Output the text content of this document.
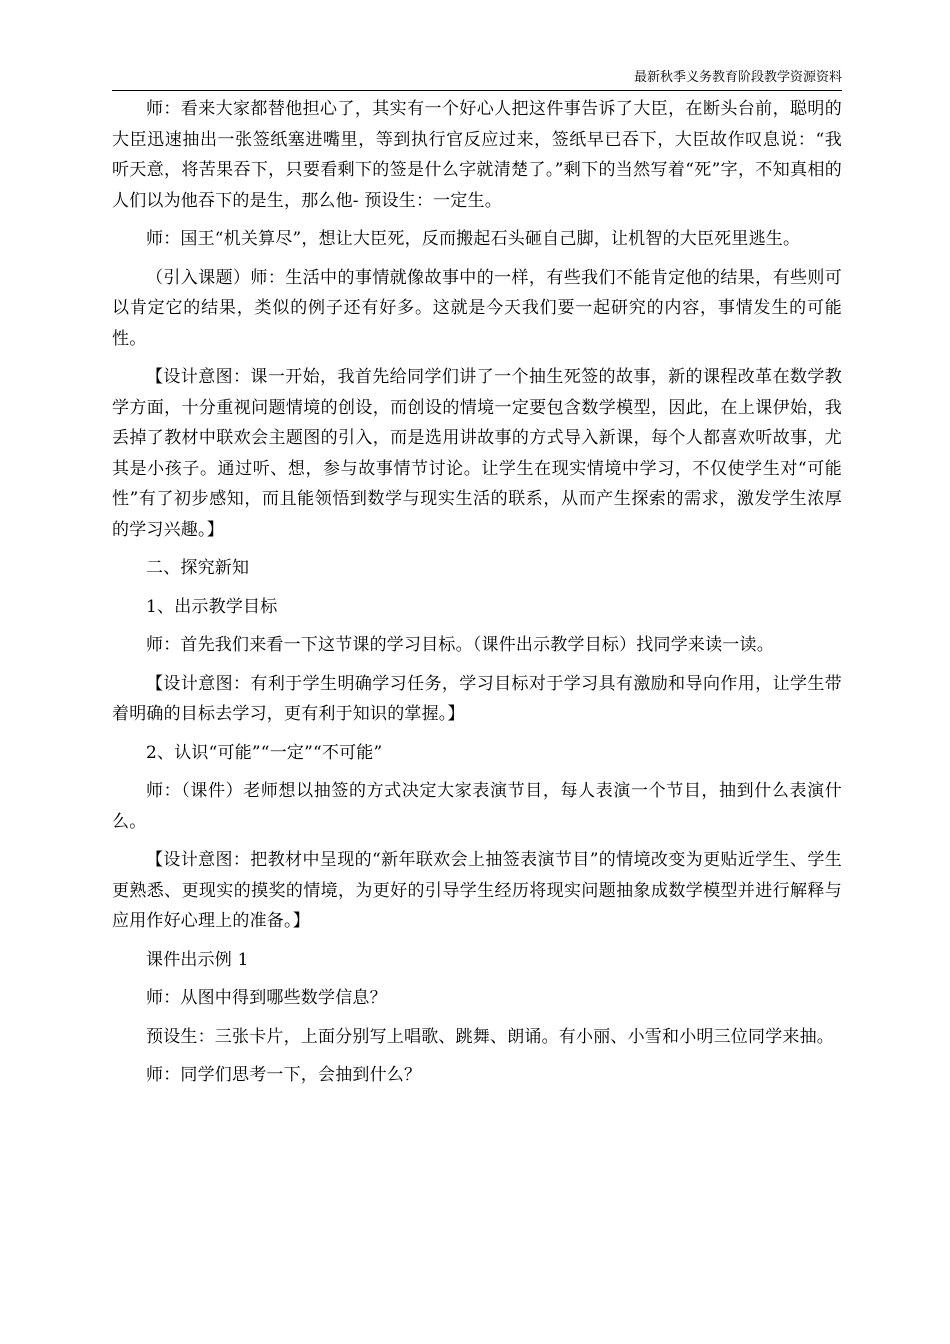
最新秋季义务教育阶段教学资源资料

师：看来大家都替他担心了，其实有一个好心人把这件事告诉了大臣，在断头台前，聪明的大臣迅速抽出一张签纸塞进嘴里，等到执行官反应过来，签纸早已吞下，大臣故作叹息说：“我听天意，将苦果吞下，只要看剩下的签是什么字就清楚了。”剩下的当然写着“死”字，不知真相的人们以为他吞下的是生，那么他- 预设生：一定生。

师：国王“机关算尽”，想让大臣死，反而搬起石头砸自己脚，让机智的大臣死里逃生。

（引入课题）师：生活中的事情就像故事中的一样，有些我们不能肯定他的结果，有些则可以肯定它的结果，类似的例子还有好多。这就是今天我们要一起研究的内容，事情发生的可能性。

【设计意图：课一开始，我首先给同学们讲了一个抽生死签的故事，新的课程改革在数学教学方面，十分重视问题情境的创设，而创设的情境一定要包含数学模型，因此，在上课伊始，我丢掉了教材中联欢会主题图的引入，而是选用讲故事的方式导入新课，每个人都喜欢听故事，尤其是小孩子。通过听、想，参与故事情节讨论。让学生在现实情境中学习，不仅使学生对“可能性”有了初步感知，而且能领悟到数学与现实生活的联系，从而产生探索的需求，激发学生浓厚的学习兴趣。】

二、探究新知

1、出示教学目标

师：首先我们来看一下这节课的学习目标。（课件出示教学目标）找同学来读一读。

【设计意图：有利于学生明确学习任务，学习目标对于学习具有激励和导向作用，让学生带着明确的目标去学习，更有利于知识的掌握。】

2、认识“可能”“一定”“不可能”

师：（课件）老师想以抽签的方式决定大家表演节目，每人表演一个节目，抽到什么表演什么。

【设计意图：把教材中呈现的“新年联欢会上抽签表演节目”的情境改变为更贴近学生、学生更熟悉、更现实的摸奖的情境，为更好的引导学生经历将现实问题抽象成数学模型并进行解释与应用作好心理上的准备。】

课件出示例 1

师：从图中得到哪些数学信息？

预设生：三张卡片，上面分别写上唱歌、跳舞、朗诵。有小丽、小雪和小明三位同学来抽。

师：同学们思考一下，会抽到什么？
